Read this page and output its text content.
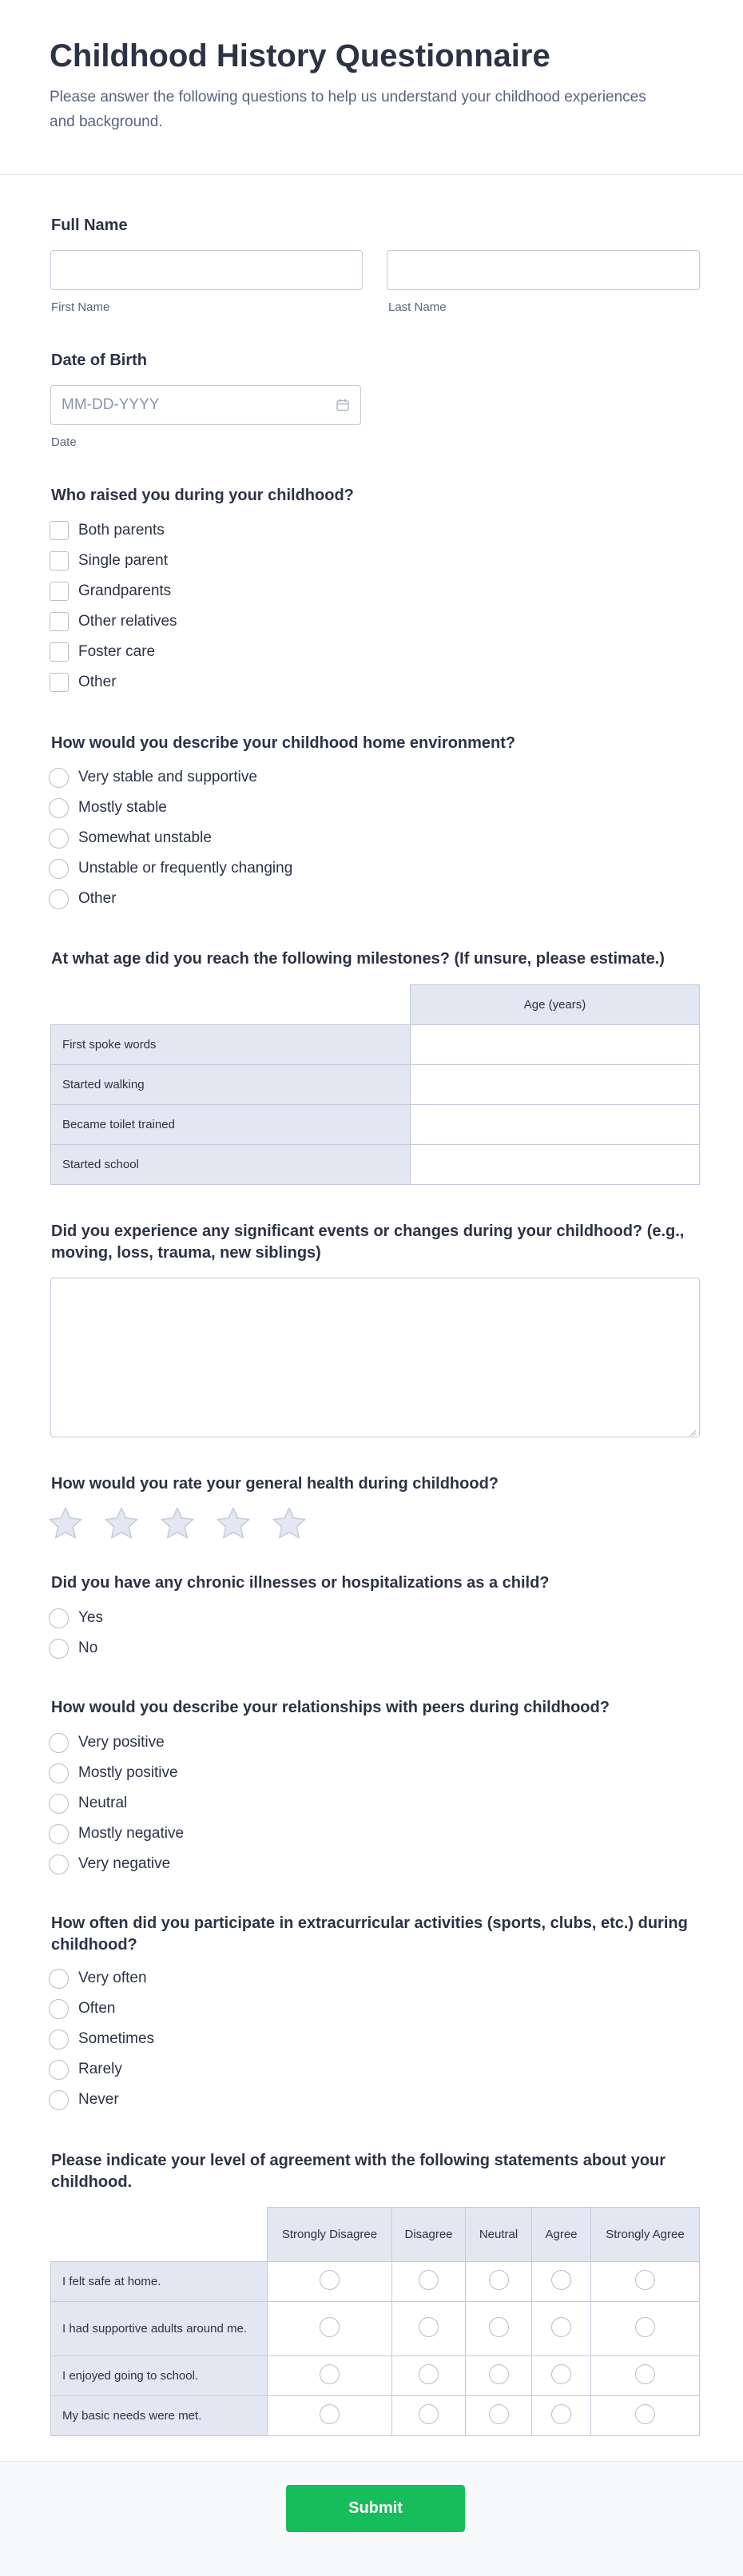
Childhood History Questionnaire
Please answer the following questions to help us understand your childhood experiences and background.
Full Name
First Name	Last Name
Date of Birth
MM-DD-YYYY
Date
Who raised you during your childhood?
Both parents
Single parent
Grandparents
Other relatives
Foster care
Other
How would you describe your childhood home environment?
Very stable and supportive
Mostly stable
Somewhat unstable
Unstable or frequently changing
Other
At what age did you reach the following milestones? (If unsure, please estimate.)
	Age (years)
First spoke words	
Started walking	
Became toilet trained	
Started school	
Did you experience any significant events or changes during your childhood? (e.g., moving, loss, trauma, new siblings)
How would you rate your general health during childhood?
Did you have any chronic illnesses or hospitalizations as a child?
Yes
No
How would you describe your relationships with peers during childhood?
Very positive
Mostly positive
Neutral
Mostly negative
Very negative
How often did you participate in extracurricular activities (sports, clubs, etc.) during childhood?
Very often
Often
Sometimes
Rarely
Never
Please indicate your level of agreement with the following statements about your childhood.
	Strongly Disagree	Disagree	Neutral	Agree	Strongly Agree
I felt safe at home.					
I had supportive adults around me.					
I enjoyed going to school.					
My basic needs were met.					
Submit
